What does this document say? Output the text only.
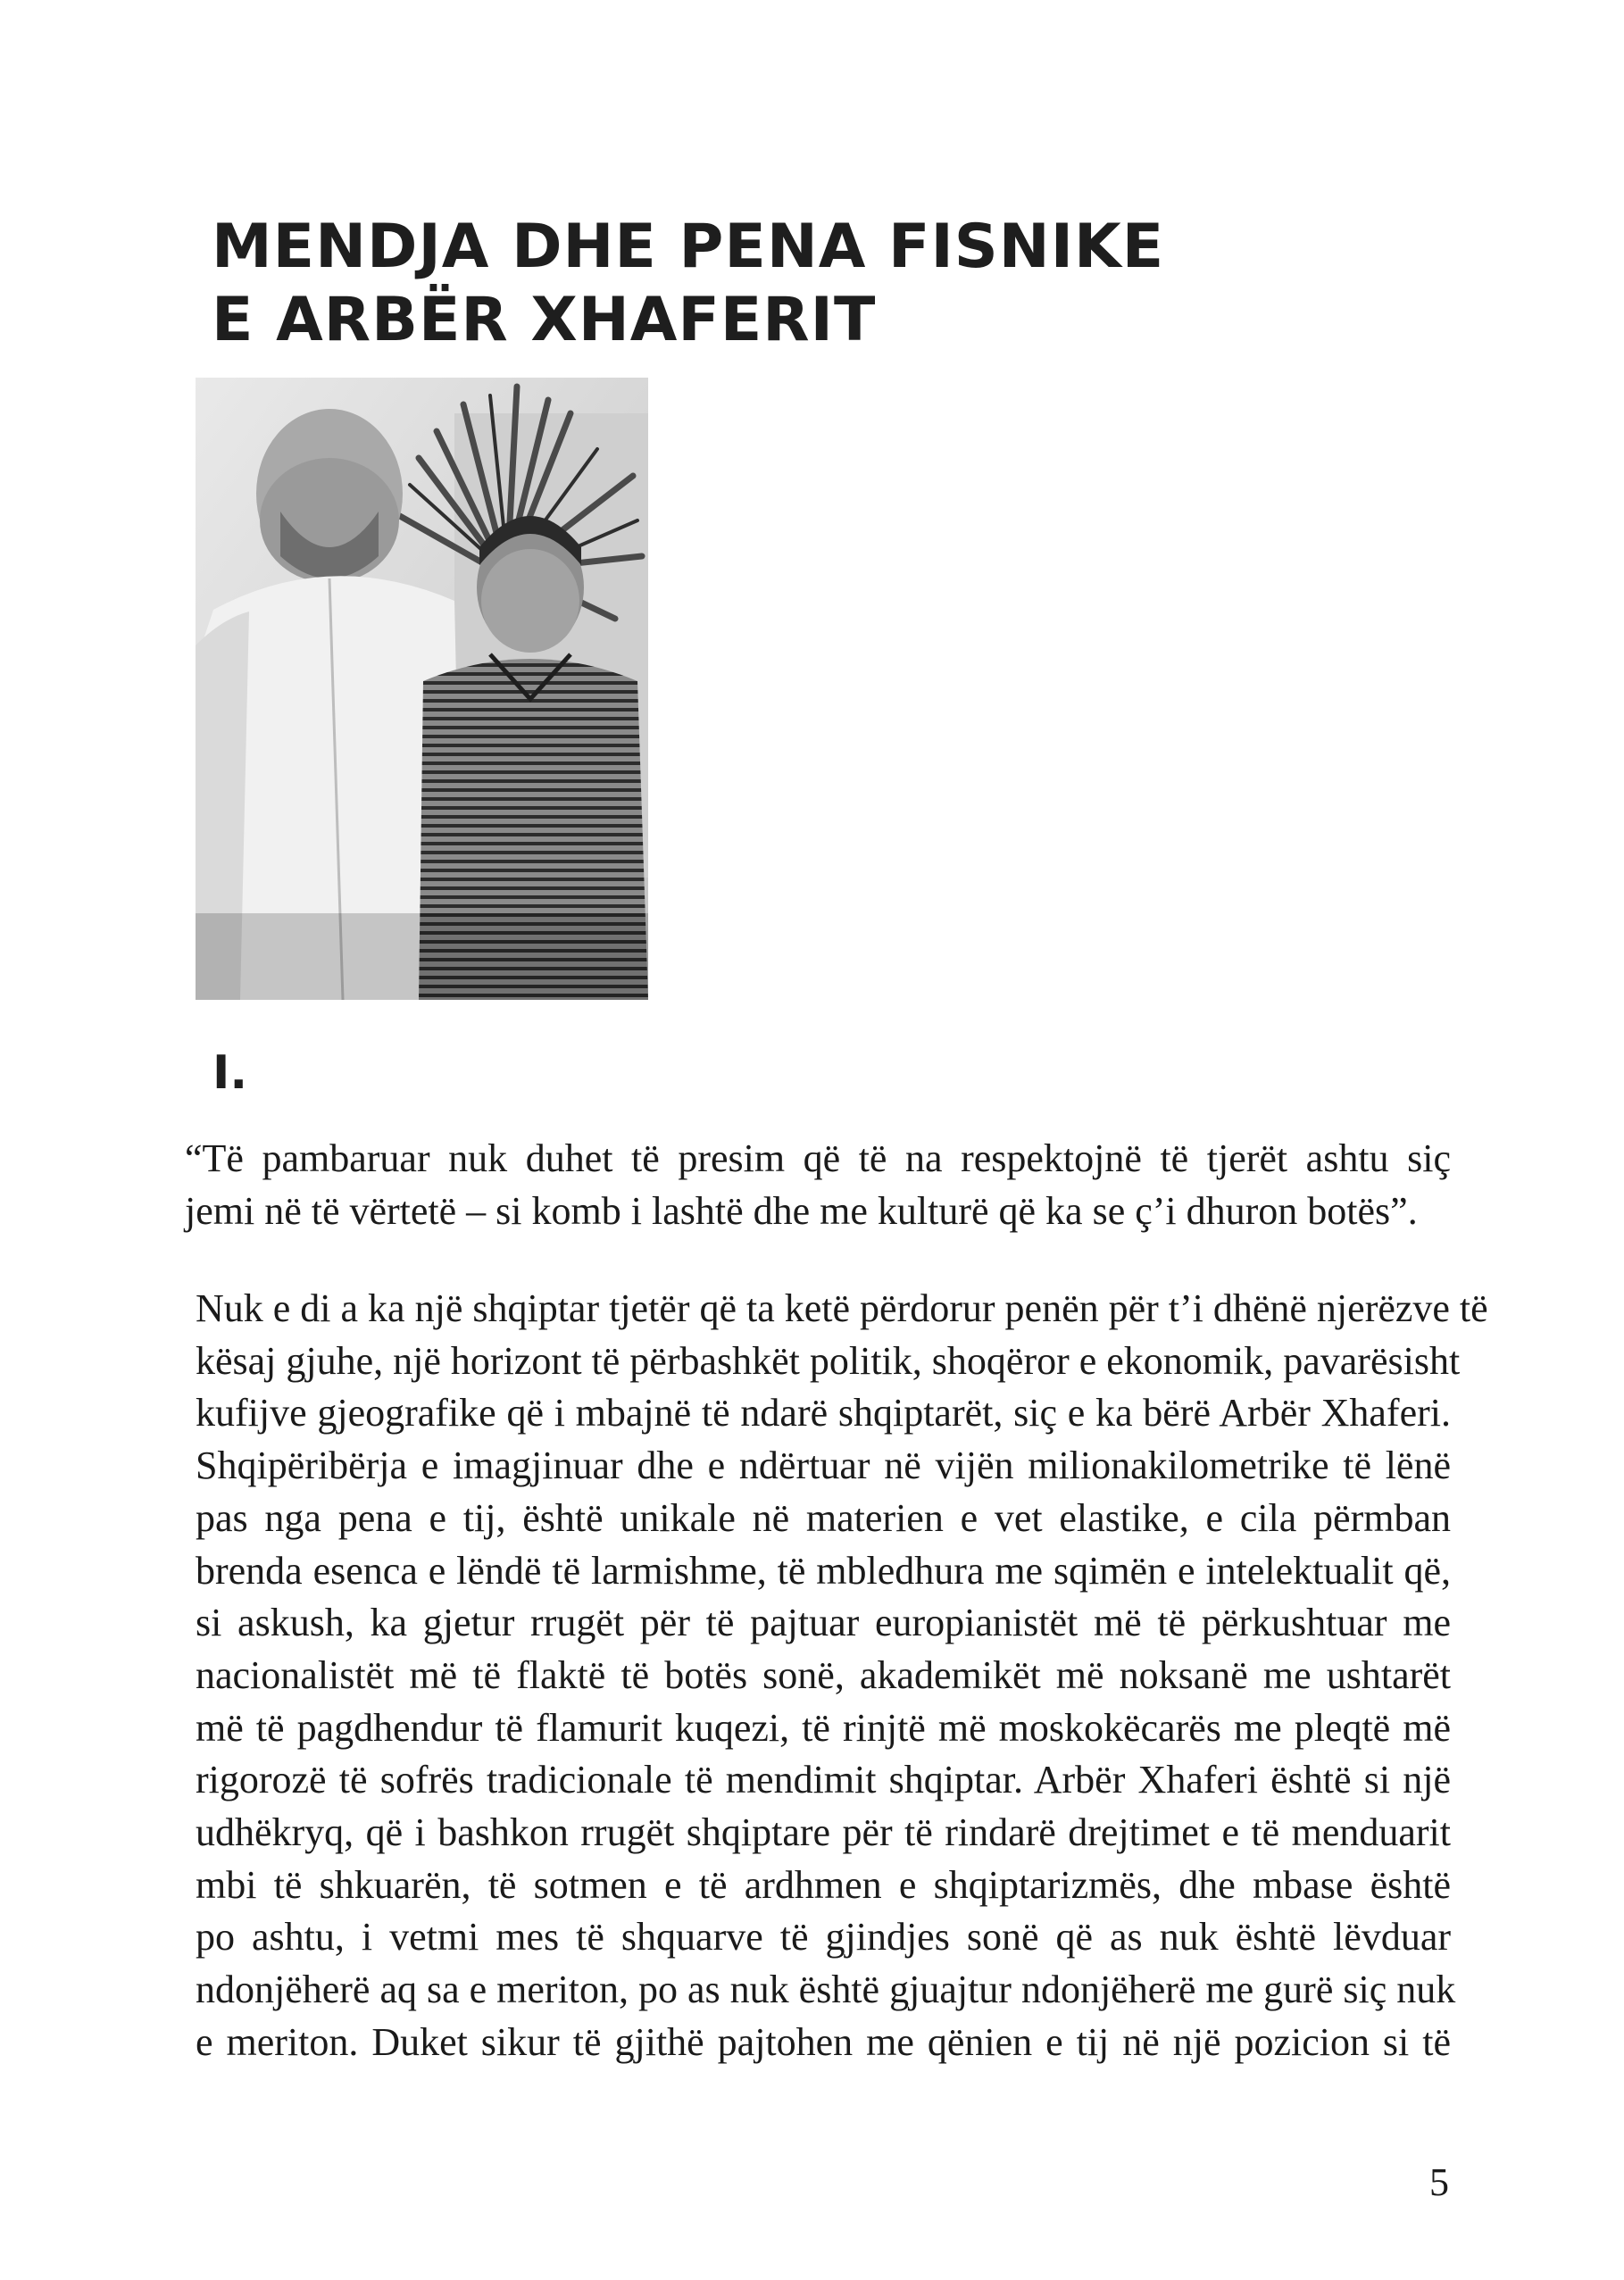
MENDJA DHE PENA FISNIKE
E ARBËR XHAFERIT
I.

“Të pambaruar nuk duhet të presim që të na respektojnë të tjerët ashtu siç
jemi në të vërtetë – si komb i lashtë dhe me kulturë që ka se ç’i dhuron botës”.

Nuk e di a ka një shqiptar tjetër që ta ketë përdorur penën për t’i dhënë njerëzve të
kësaj gjuhe, një horizont të përbashkët politik, shoqëror e ekonomik, pavarësisht
kufijve gjeografike që i mbajnë të ndarë shqiptarët, siç e ka bërë Arbër Xhaferi.
Shqipëribërja e imagjinuar dhe e ndërtuar në vijën milionakilometrike të lënë
pas nga pena e tij, është unikale në materien e vet elastike, e cila përmban
brenda esenca e lëndë të larmishme, të mbledhura me sqimën e intelektualit që,
si askush, ka gjetur rrugët për të pajtuar europianistët më të përkushtuar me
nacionalistët më të flaktë të botës sonë, akademikët më noksanë me ushtarët
më të pagdhendur të flamurit kuqezi, të rinjtë më moskokëcarës me pleqtë më
rigorozë të sofrës tradicionale të mendimit shqiptar. Arbër Xhaferi është si një
udhëkryq, që i bashkon rrugët shqiptare për të rindarë drejtimet e të menduarit
mbi të shkuarën, të sotmen e të ardhmen e shqiptarizmës, dhe mbase është
po ashtu, i vetmi mes të shquarve të gjindjes sonë që as nuk është lëvduar
ndonjëherë aq sa e meriton, po as nuk është gjuajtur ndonjëherë me gurë siç nuk
e meriton. Duket sikur të gjithë pajtohen me qënien e tij në një pozicion si të

5
